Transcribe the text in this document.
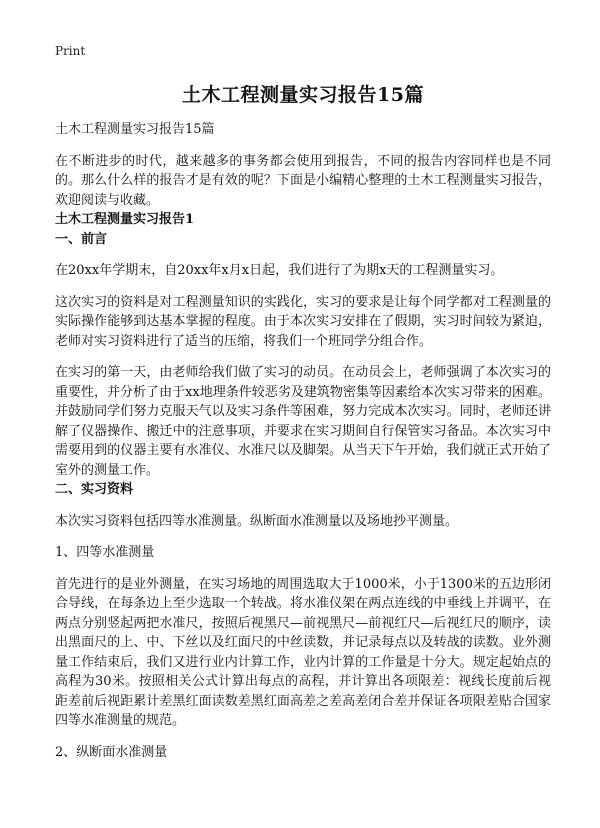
Print
土木工程测量实习报告15篇

土木工程测量实习报告15篇

在不断进步的时代，越来越多的事务都会使用到报告，不同的报告内容同样也是不同的。那么什么样的报告才是有效的呢？下面是小编精心整理的土木工程测量实习报告，欢迎阅读与收藏。

土木工程测量实习报告1

一、前言

在20xx年学期末，自20xx年x月x日起，我们进行了为期x天的工程测量实习。

这次实习的资料是对工程测量知识的实践化，实习的要求是让每个同学都对工程测量的实际操作能够到达基本掌握的程度。由于本次实习安排在了假期，实习时间较为紧迫，老师对实习资料进行了适当的压缩，将我们一个班同学分组合作。

在实习的第一天，由老师给我们做了实习的动员。在动员会上，老师强调了本次实习的重要性，并分析了由于xx地理条件较恶劣及建筑物密集等因素给本次实习带来的困难。并鼓励同学们努力克服天气以及实习条件等困难，努力完成本次实习。同时，老师还讲解了仪器操作、搬迁中的注意事项，并要求在实习期间自行保管实习备品。本次实习中需要用到的仪器主要有水准仪、水准尺以及脚架。从当天下午开始，我们就正式开始了室外的测量工作。

二、实习资料

本次实习资料包括四等水准测量。纵断面水准测量以及场地抄平测量。

1、四等水准测量

首先进行的是业外测量，在实习场地的周围选取大于1000米，小于1300米的五边形闭合导线，在每条边上至少选取一个转战。将水准仪架在两点连线的中垂线上并调平，在两点分别竖起两把水准尺，按照后视黑尺—前视黑尺—前视红尺—后视红尺的顺序，读出黑面尺的上、中、下丝以及红面尺的中丝读数，并记录每点以及转战的读数。业外测量工作结束后，我们又进行业内计算工作，业内计算的工作量是十分大。规定起始点的高程为30米。按照相关公式计算出每点的高程，并计算出各项限差：视线长度前后视距差前后视距累计差黑红面读数差黑红面高差之差高差闭合差并保证各项限差贴合国家四等水准测量的规范。

2、纵断面水准测量
